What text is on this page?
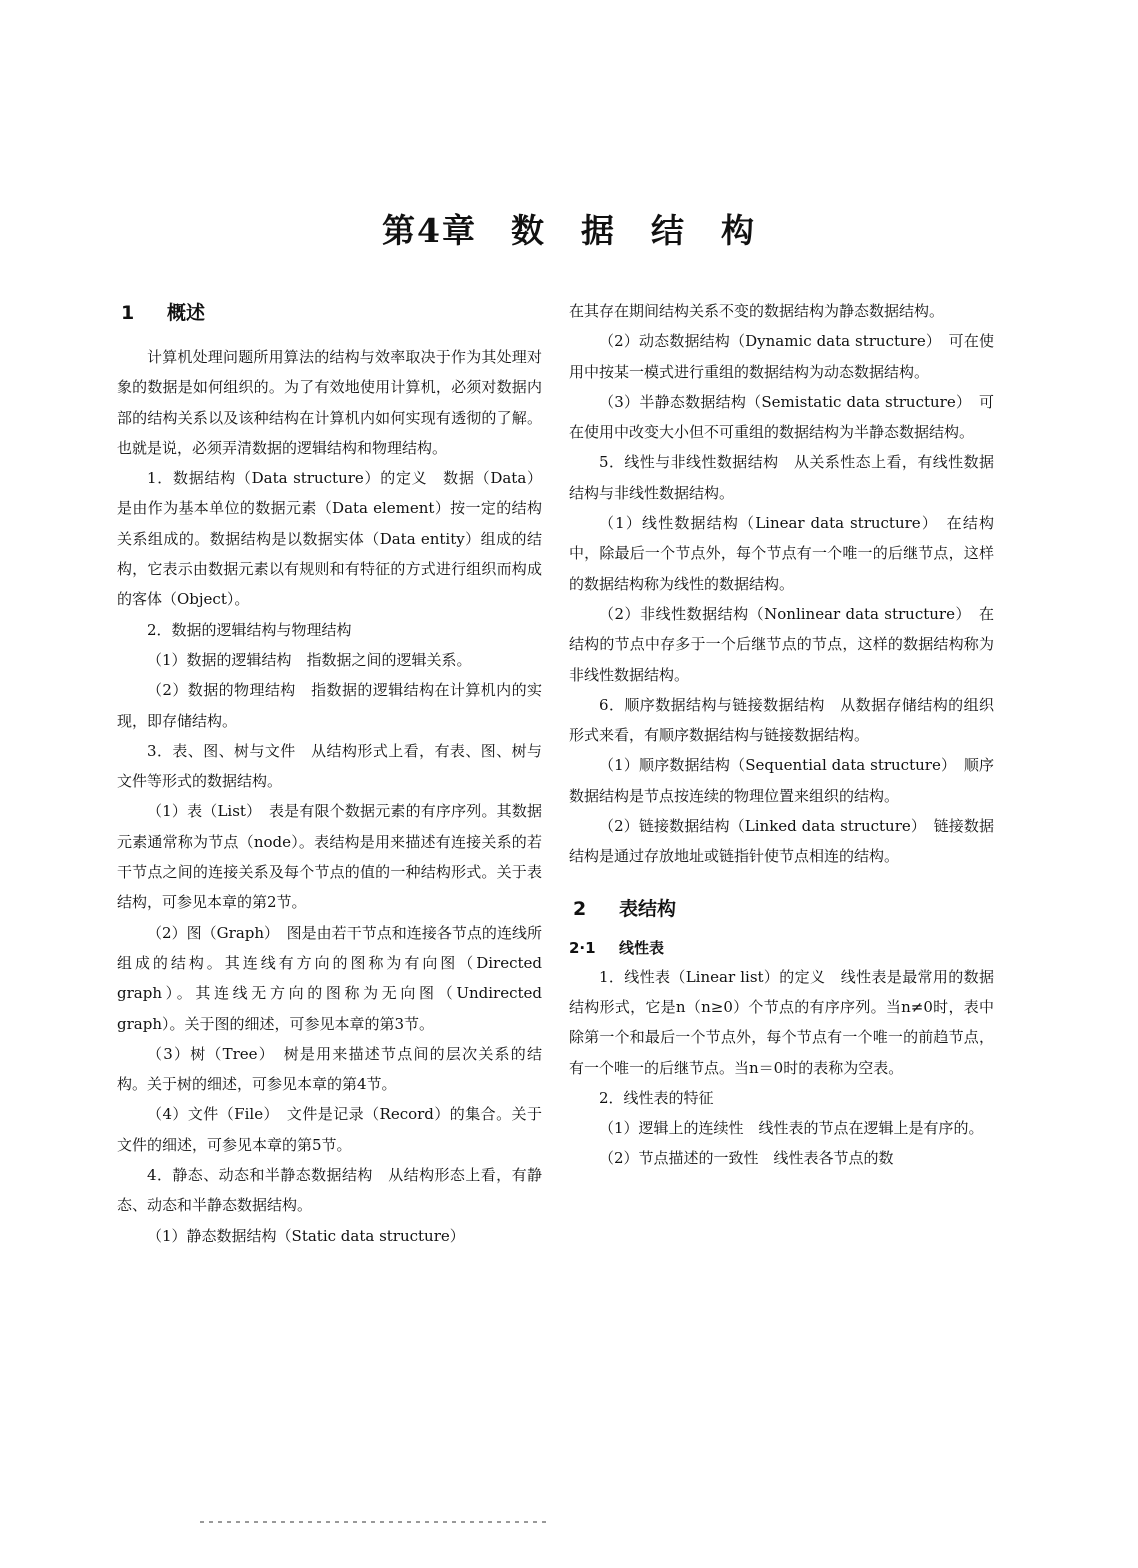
第4章 数　据　结　构
1 概述

计算机处理问题所用算法的结构与效率取决于作为其处理对象的数据是如何组织的。为了有效地使用计算机，必须对数据内部的结构关系以及该种结构在计算机内如何实现有透彻的了解。也就是说，必须弄清数据的逻辑结构和物理结构。

1．数据结构（Data structure）的定义　数据（Data）是由作为基本单位的数据元素（Data element）按一定的结构关系组成的。数据结构是以数据实体（Data entity）组成的结构，它表示由数据元素以有规则和有特征的方式进行组织而构成的客体（Object）。

2．数据的逻辑结构与物理结构

（1）数据的逻辑结构　指数据之间的逻辑关系。

（2）数据的物理结构　指数据的逻辑结构在计算机内的实现，即存储结构。

3．表、图、树与文件　从结构形式上看，有表、图、树与文件等形式的数据结构。

（1）表（List）　表是有限个数据元素的有序序列。其数据元素通常称为节点（node）。表结构是用来描述有连接关系的若干节点之间的连接关系及每个节点的值的一种结构形式。关于表结构，可参见本章的第2节。

（2）图（Graph）　图是由若干节点和连接各节点的连线所组成的结构。其连线有方向的图称为有向图（Directed graph）。其连线无方向的图称为无向图（Undirected graph）。关于图的细述，可参见本章的第3节。

（3）树（Tree）　树是用来描述节点间的层次关系的结构。关于树的细述，可参见本章的第4节。

（4）文件（File）　文件是记录（Record）的集合。关于文件的细述，可参见本章的第5节。

4．静态、动态和半静态数据结构　从结构形态上看，有静态、动态和半静态数据结构。

（1）静态数据结构（Static data structure）

在其存在期间结构关系不变的数据结构为静态数据结构。

（2）动态数据结构（Dynamic data structure）　可在使用中按某一模式进行重组的数据结构为动态数据结构。

（3）半静态数据结构（Semistatic data structure）　可在使用中改变大小但不可重组的数据结构为半静态数据结构。

5．线性与非线性数据结构　从关系性态上看，有线性数据结构与非线性数据结构。

（1）线性数据结构（Linear data structure）　在结构中，除最后一个节点外，每个节点有一个唯一的后继节点，这样的数据结构称为线性的数据结构。

（2）非线性数据结构（Nonlinear data structure）　在结构的节点中存多于一个后继节点的节点，这样的数据结构称为非线性数据结构。

6．顺序数据结构与链接数据结构　从数据存储结构的组织形式来看，有顺序数据结构与链接数据结构。

（1）顺序数据结构（Sequential data structure）　顺序数据结构是节点按连续的物理位置来组织的结构。

（2）链接数据结构（Linked data structure）　链接数据结构是通过存放地址或链指针使节点相连的结构。

2 表结构
2·1 线性表

1．线性表（Linear list）的定义　线性表是最常用的数据结构形式，它是n（n≥0）个节点的有序序列。当n≠0时，表中除第一个和最后一个节点外，每个节点有一个唯一的前趋节点，有一个唯一的后继节点。当n＝0时的表称为空表。

2．线性表的特征

（1）逻辑上的连续性　线性表的节点在逻辑上是有序的。

（2）节点描述的一致性　线性表各节点的数
